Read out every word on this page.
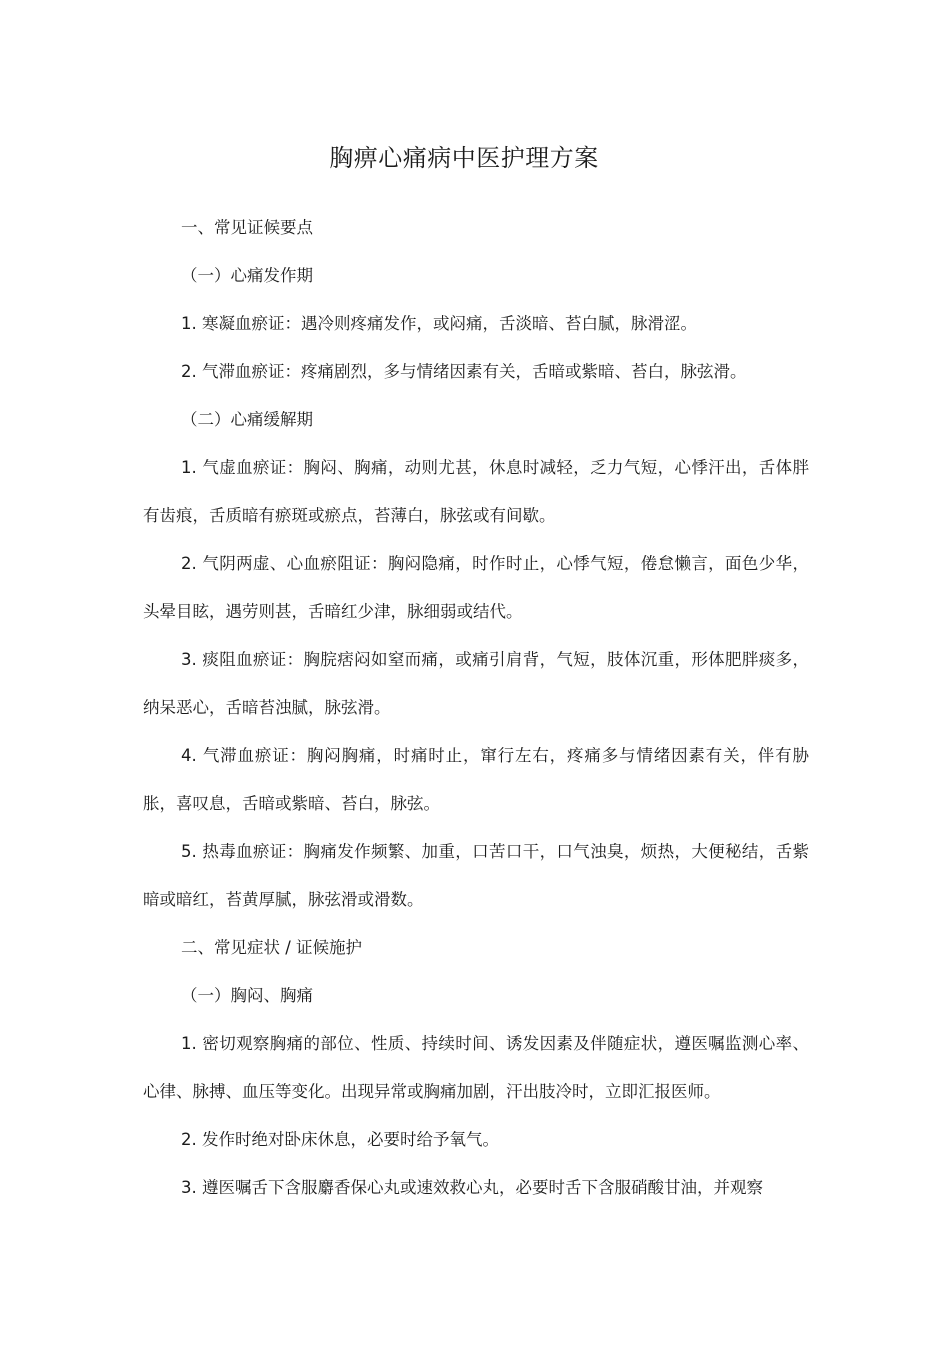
胸痹心痛病中医护理方案

一、常见证候要点

（一）心痛发作期

1. 寒凝血瘀证：遇冷则疼痛发作，或闷痛，舌淡暗、苔白腻，脉滑涩。

2. 气滞血瘀证：疼痛剧烈，多与情绪因素有关，舌暗或紫暗、苔白，脉弦滑。

（二）心痛缓解期

1. 气虚血瘀证：胸闷、胸痛，动则尤甚，休息时减轻，乏力气短，心悸汗出，舌体胖有齿痕，舌质暗有瘀斑或瘀点，苔薄白，脉弦或有间歇。

2. 气阴两虚、心血瘀阻证：胸闷隐痛，时作时止，心悸气短，倦怠懒言，面色少华，头晕目眩，遇劳则甚，舌暗红少津，脉细弱或结代。

3. 痰阻血瘀证：胸脘痞闷如窒而痛，或痛引肩背，气短，肢体沉重，形体肥胖痰多，纳呆恶心，舌暗苔浊腻，脉弦滑。

4. 气滞血瘀证：胸闷胸痛，时痛时止，窜行左右，疼痛多与情绪因素有关，伴有胁胀，喜叹息，舌暗或紫暗、苔白，脉弦。

5. 热毒血瘀证：胸痛发作频繁、加重，口苦口干，口气浊臭，烦热，大便秘结，舌紫暗或暗红，苔黄厚腻，脉弦滑或滑数。

二、常见症状 / 证候施护

（一）胸闷、胸痛

1. 密切观察胸痛的部位、性质、持续时间、诱发因素及伴随症状，遵医嘱监测心率、心律、脉搏、血压等变化。出现异常或胸痛加剧，汗出肢冷时，立即汇报医师。

2. 发作时绝对卧床休息，必要时给予氧气。

3. 遵医嘱舌下含服麝香保心丸或速效救心丸，必要时舌下含服硝酸甘油，并观察
